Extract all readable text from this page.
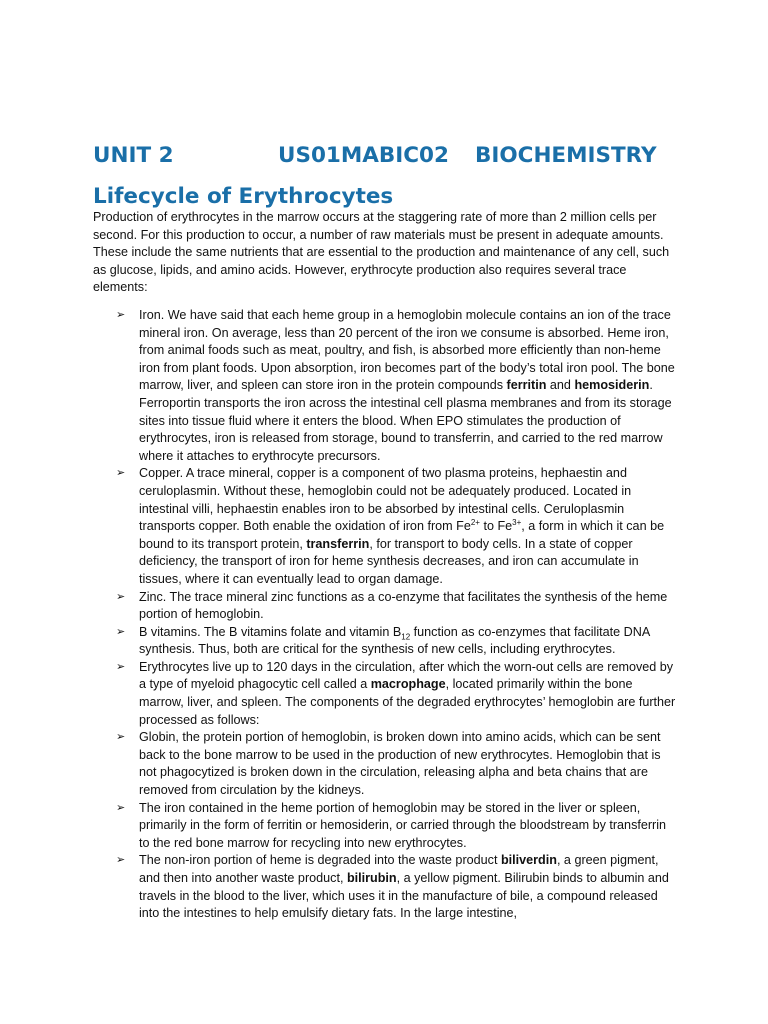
UNIT 2	US01MABIC02 BIOCHEMISTRY
Lifecycle of Erythrocytes

Production of erythrocytes in the marrow occurs at the staggering rate of more than 2 million cells per second. For this production to occur, a number of raw materials must be present in adequate amounts. These include the same nutrients that are essential to the production and maintenance of any cell, such as glucose, lipids, and amino acids. However, erythrocyte production also requires several trace elements:

➢ Iron. We have said that each heme group in a hemoglobin molecule contains an ion of the trace mineral iron. On average, less than 20 percent of the iron we consume is absorbed. Heme iron, from animal foods such as meat, poultry, and fish, is absorbed more efficiently than non-heme iron from plant foods. Upon absorption, iron becomes part of the body’s total iron pool. The bone marrow, liver, and spleen can store iron in the protein compounds ferritin and hemosiderin. Ferroportin transports the iron across the intestinal cell plasma membranes and from its storage sites into tissue fluid where it enters the blood. When EPO stimulates the production of erythrocytes, iron is released from storage, bound to transferrin, and carried to the red marrow where it attaches to erythrocyte precursors.
➢ Copper. A trace mineral, copper is a component of two plasma proteins, hephaestin and ceruloplasmin. Without these, hemoglobin could not be adequately produced. Located in intestinal villi, hephaestin enables iron to be absorbed by intestinal cells. Ceruloplasmin transports copper. Both enable the oxidation of iron from $Fe^{2+}$ to $Fe^{3+}$, a form in which it can be bound to its transport protein, transferrin, for transport to body cells. In a state of copper deficiency, the transport of iron for heme synthesis decreases, and iron can accumulate in tissues, where it can eventually lead to organ damage.
➢ Zinc. The trace mineral zinc functions as a co-enzyme that facilitates the synthesis of the heme portion of hemoglobin.
➢ B vitamins. The B vitamins folate and vitamin $B_{12}$ function as co-enzymes that facilitate DNA synthesis. Thus, both are critical for the synthesis of new cells, including erythrocytes.
➢ Erythrocytes live up to 120 days in the circulation, after which the worn-out cells are removed by a type of myeloid phagocytic cell called a macrophage, located primarily within the bone marrow, liver, and spleen. The components of the degraded erythrocytes’ hemoglobin are further processed as follows:
➢ Globin, the protein portion of hemoglobin, is broken down into amino acids, which can be sent back to the bone marrow to be used in the production of new erythrocytes. Hemoglobin that is not phagocytized is broken down in the circulation, releasing alpha and beta chains that are removed from circulation by the kidneys.
➢ The iron contained in the heme portion of hemoglobin may be stored in the liver or spleen, primarily in the form of ferritin or hemosiderin, or carried through the bloodstream by transferrin to the red bone marrow for recycling into new erythrocytes.
➢ The non-iron portion of heme is degraded into the waste product biliverdin, a green pigment, and then into another waste product, bilirubin, a yellow pigment. Bilirubin binds to albumin and travels in the blood to the liver, which uses it in the manufacture of bile, a compound released into the intestines to help emulsify dietary fats. In the large intestine,
